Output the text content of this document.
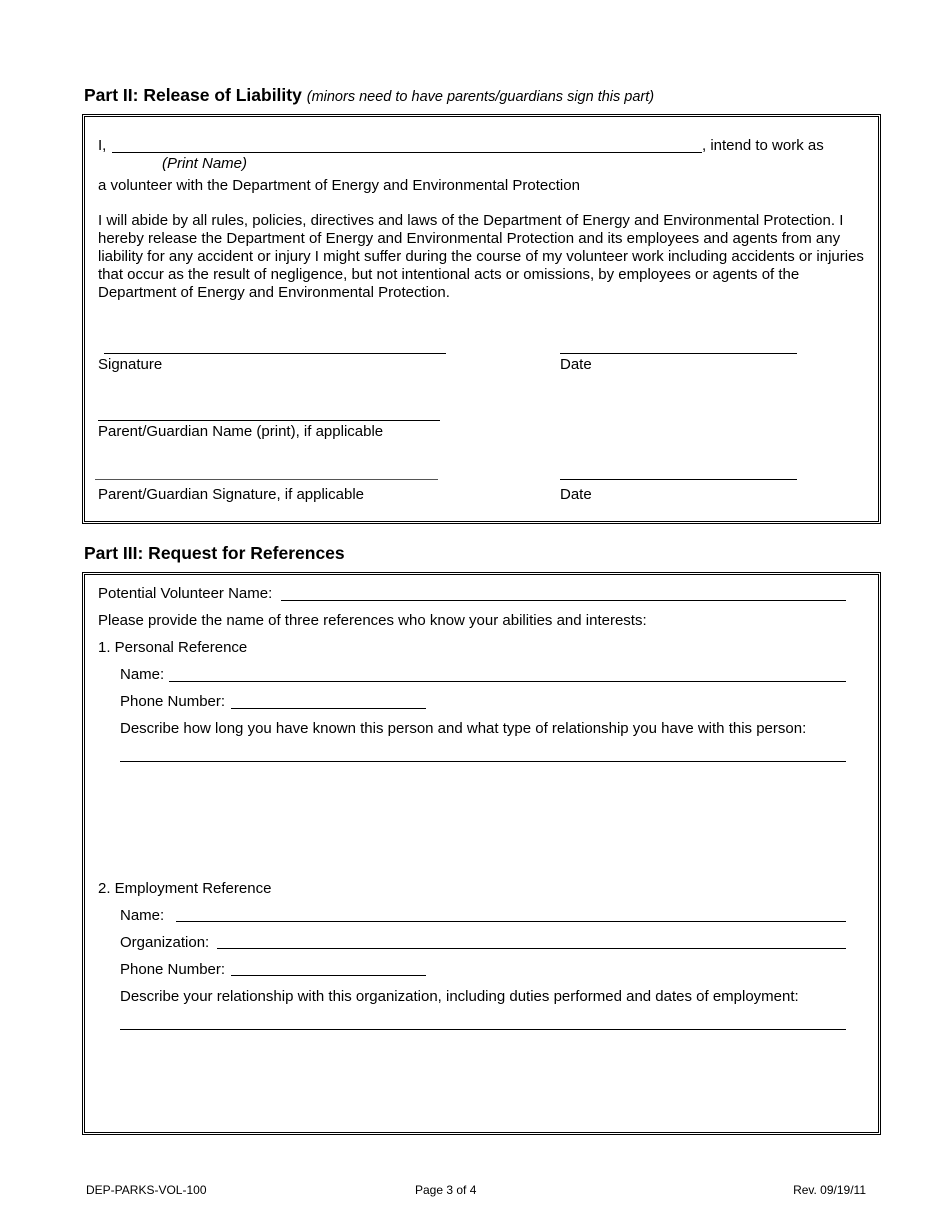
Part II: Release of Liability (minors need to have parents/guardians sign this part)
I,	, intend to work as
(Print Name)
a volunteer with the Department of Energy and Environmental Protection
I will abide by all rules, policies, directives and laws of the Department of Energy and Environmental Protection. I hereby release the Department of Energy and Environmental Protection and its employees and agents from any liability for any accident or injury I might suffer during the course of my volunteer work including accidents or injuries that occur as the result of negligence, but not intentional acts or omissions, by employees or agents of the Department of Energy and Environmental Protection.
Signature	Date
Parent/Guardian Name (print), if applicable
Parent/Guardian Signature, if applicable	Date
Part III: Request for References
Potential Volunteer Name:
Please provide the name of three references who know your abilities and interests:
1. Personal Reference
Name:
Phone Number:
Describe how long you have known this person and what type of relationship you have with this person:
2. Employment Reference
Name:
Organization:
Phone Number:
Describe your relationship with this organization, including duties performed and dates of employment:
DEP-PARKS-VOL-100	Page 3 of 4	Rev. 09/19/11
